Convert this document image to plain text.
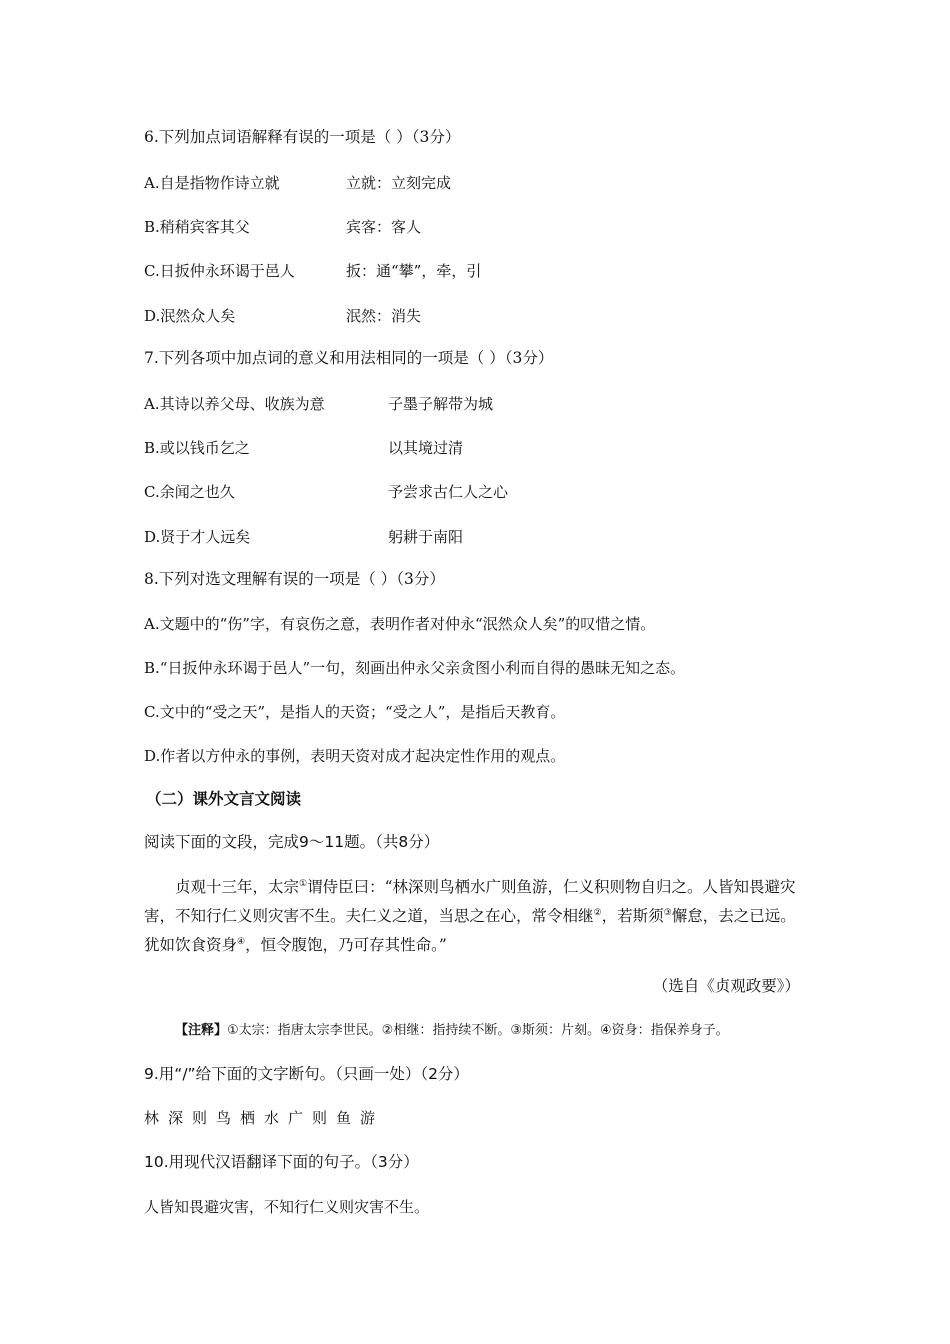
6.下列加点词语解释有误的一项是（ ）（3分）
A.自是指物作诗立就	立就：立刻完成
B.稍稍宾客其父	宾客：客人
C.日扳仲永环谒于邑人	扳：通“攀”，牵，引
D.泯然众人矣	泯然：消失
7.下列各项中加点词的意义和用法相同的一项是（ ）（3分）
A.其诗以养父母、收族为意	子墨子解带为城
B.或以钱币乞之	以其境过清
C.余闻之也久	予尝求古仁人之心
D.贤于才人远矣	躬耕于南阳
8.下列对选文理解有误的一项是（ ）（3分）
A.文题中的“伤”字，有哀伤之意，表明作者对仲永“泯然众人矣”的叹惜之情。
B.“日扳仲永环谒于邑人”一句，刻画出仲永父亲贪图小利而自得的愚昧无知之态。
C.文中的“受之天”，是指人的天资；“受之人”，是指后天教育。
D.作者以方仲永的事例，表明天资对成才起决定性作用的观点。
（二）课外文言文阅读
阅读下面的文段，完成9～11题。（共8分）
贞观十三年，太宗①谓侍臣曰：“林深则鸟栖水广则鱼游，仁义积则物自归之。人皆知畏避灾害，不知行仁义则灾害不生。夫仁义之道，当思之在心，常令相继②，若斯须③懈怠，去之已远。犹如饮食资身④，恒令腹饱，乃可存其性命。”
（选自《贞观政要》）
【注释】①太宗：指唐太宗李世民。②相继：指持续不断。③斯须：片刻。④资身：指保养身子。
9.用“/”给下面的文字断句。（只画一处）（2分）
林深则鸟栖水广则鱼游
10.用现代汉语翻译下面的句子。（3分）
人皆知畏避灾害，不知行仁义则灾害不生。
